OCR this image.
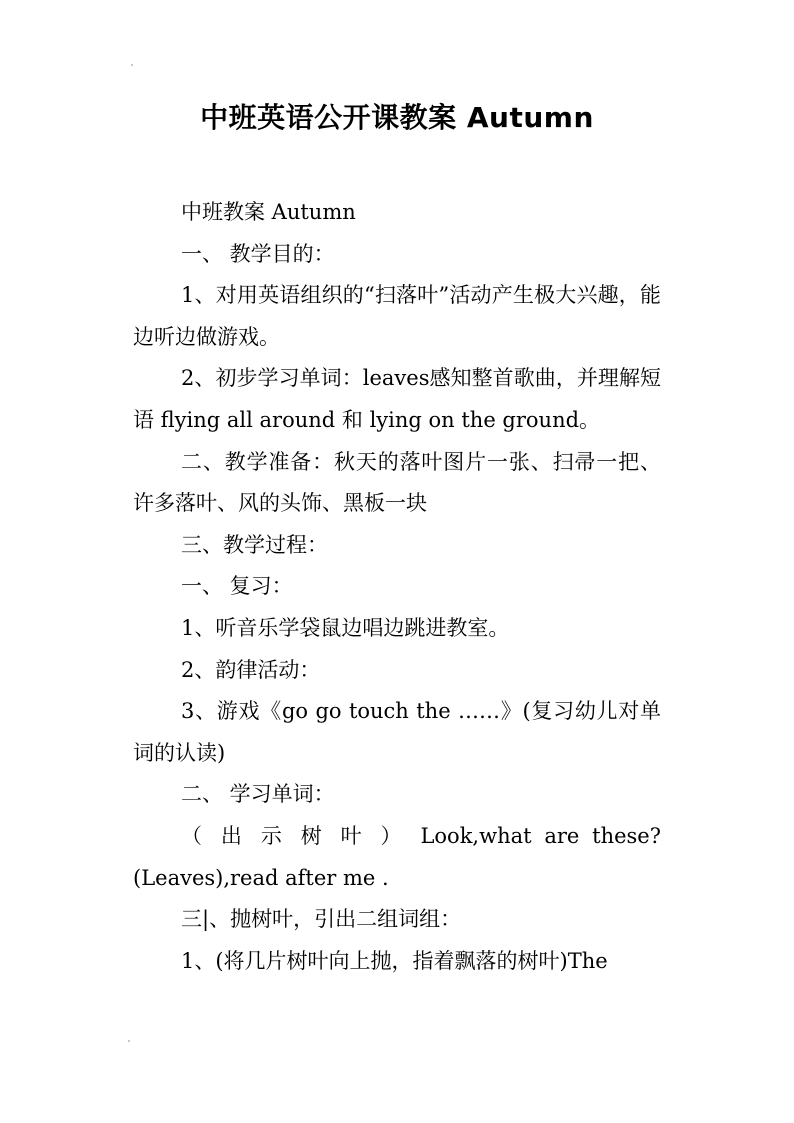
中班英语公开课教案 Autumn

中班教案 Autumn

一、 教学目的：

1、对用英语组织的“扫落叶”活动产生极大兴趣，能边听边做游戏。

2、初步学习单词：leaves感知整首歌曲，并理解短语 flying all around 和 lying on the ground。

二、教学准备：秋天的落叶图片一张、扫帚一把、许多落叶、风的头饰、黑板一块

三、教学过程：

一、 复习：

1、听音乐学袋鼠边唱边跳进教室。

2、韵律活动：

3、游戏《go go touch the ……》(复习幼儿对单词的认读)

二、 学习单词：

（ 出 示 树 叶 ） Look,what are these?(Leaves),read after me .

三|、抛树叶，引出二组词组：

1、(将几片树叶向上抛，指着飘落的树叶)The
